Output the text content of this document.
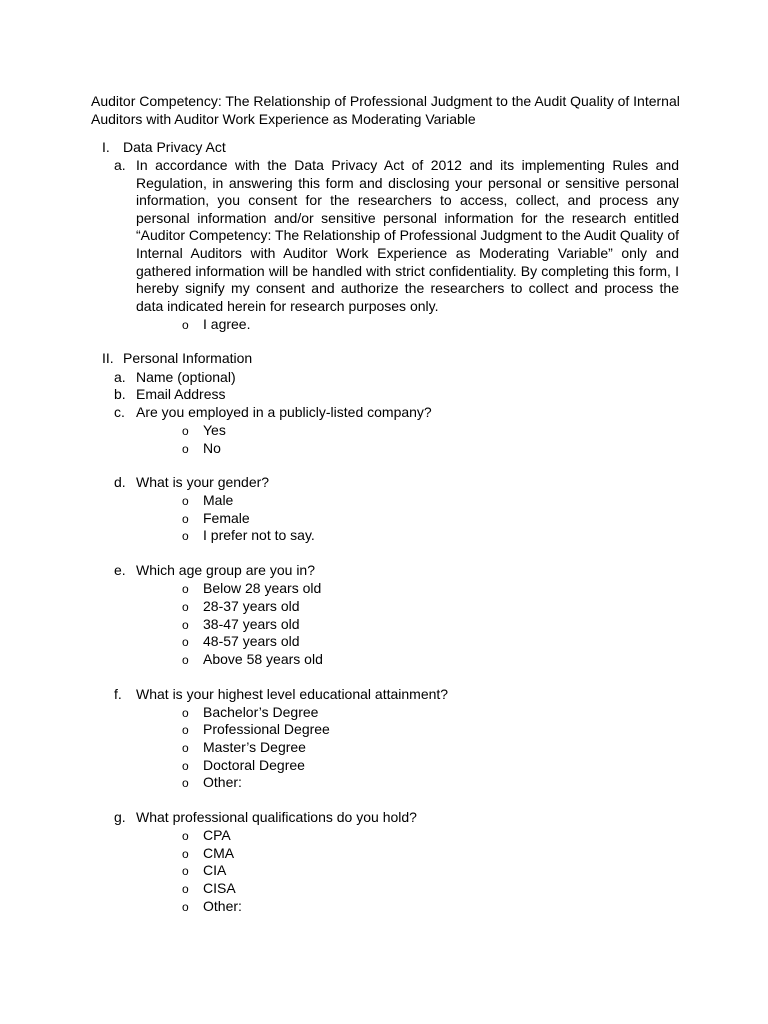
Auditor Competency: The Relationship of Professional Judgment to the Audit Quality of Internal Auditors with Auditor Work Experience as Moderating Variable
I. Data Privacy Act
a. In accordance with the Data Privacy Act of 2012 and its implementing Rules and Regulation, in answering this form and disclosing your personal or sensitive personal information, you consent for the researchers to access, collect, and process any personal information and/or sensitive personal information for the research entitled “Auditor Competency: The Relationship of Professional Judgment to the Audit Quality of Internal Auditors with Auditor Work Experience as Moderating Variable” only and gathered information will be handled with strict confidentiality. By completing this form, I hereby signify my consent and authorize the researchers to collect and process the data indicated herein for research purposes only.
o I agree.
II. Personal Information
a. Name (optional)
b. Email Address
c. Are you employed in a publicly-listed company?
o Yes
o No
d. What is your gender?
o Male
o Female
o I prefer not to say.
e. Which age group are you in?
o Below 28 years old
o 28-37 years old
o 38-47 years old
o 48-57 years old
o Above 58 years old
f. What is your highest level educational attainment?
o Bachelor’s Degree
o Professional Degree
o Master’s Degree
o Doctoral Degree
o Other:
g. What professional qualifications do you hold?
o CPA
o CMA
o CIA
o CISA
o Other:
